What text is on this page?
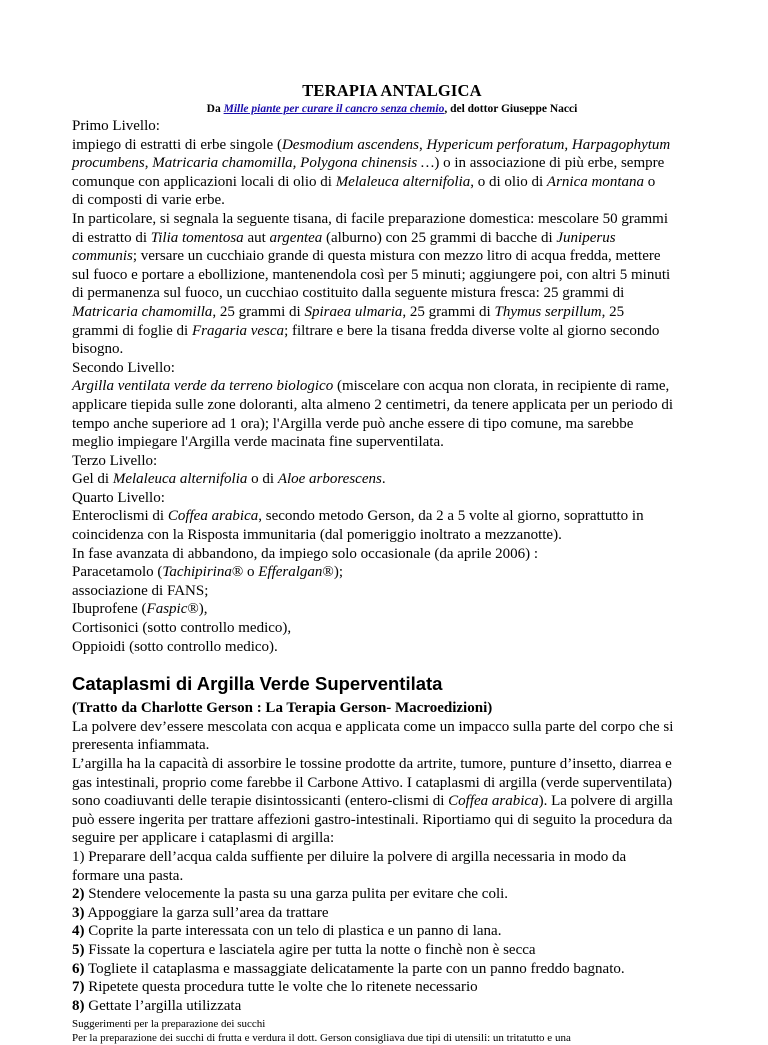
TERAPIA ANTALGICA

Da Mille piante per curare il cancro senza chemio, del dottor Giuseppe Nacci

Primo Livello:

impiego di estratti di erbe singole (Desmodium ascendens, Hypericum perforatum, Harpagophytum

procumbens, Matricaria chamomilla, Polygona chinensis …) o in associazione di più erbe, sempre

comunque con applicazioni locali di olio di Melaleuca alternifolia, o di olio di Arnica montana o

di composti di varie erbe.

In particolare, si segnala la seguente tisana, di facile preparazione domestica: mescolare 50 grammi

di estratto di Tilia tomentosa aut argentea (alburno) con 25 grammi di bacche di Juniperus

communis; versare un cucchiaio grande di questa mistura con mezzo litro di acqua fredda, mettere

sul fuoco e portare a ebollizione, mantenendola così per 5 minuti; aggiungere poi, con altri 5 minuti

di permanenza sul fuoco, un cucchiao costituito dalla seguente mistura fresca: 25 grammi di

Matricaria chamomilla, 25 grammi di Spiraea ulmaria, 25 grammi di Thymus serpillum, 25

grammi di foglie di Fragaria vesca; filtrare e bere la tisana fredda diverse volte al giorno secondo

bisogno.

Secondo Livello:

Argilla ventilata verde da terreno biologico (miscelare con acqua non clorata, in recipiente di rame,

applicare tiepida sulle zone doloranti, alta almeno 2 centimetri, da tenere applicata per un periodo di

tempo anche superiore ad 1 ora); l'Argilla verde può anche essere di tipo comune, ma sarebbe

meglio impiegare l'Argilla verde macinata fine superventilata.

Terzo Livello:

Gel di Melaleuca alternifolia o di Aloe arborescens.

Quarto Livello:

Enteroclismi di Coffea arabica, secondo metodo Gerson, da 2 a 5 volte al giorno, soprattutto in

coincidenza con la Risposta immunitaria (dal pomeriggio inoltrato a mezzanotte).

In fase avanzata di abbandono, da impiego solo occasionale (da aprile 2006) :

Paracetamolo (Tachipirina® o Efferalgan®);

associazione di FANS;

Ibuprofene (Faspic®),

Cortisonici (sotto controllo medico),

Oppioidi (sotto controllo medico).

Cataplasmi di Argilla Verde Superventilata

(Tratto da Charlotte Gerson : La Terapia Gerson- Macroedizioni)

La polvere dev’essere mescolata con acqua e applicata come un impacco sulla parte del corpo che si

preresenta infiammata.

L’argilla ha la capacità di assorbire le tossine prodotte da artrite, tumore, punture d’insetto, diarrea e

gas intestinali, proprio come farebbe il Carbone Attivo. I cataplasmi di argilla (verde superventilata)

sono coadiuvanti delle terapie disintossicanti (entero-clismi di Coffea arabica). La polvere di argilla

può essere ingerita per trattare affezioni gastro-intestinali. Riportiamo qui di seguito la procedura da

seguire per applicare i cataplasmi di argilla:

1) Preparare dell’acqua calda suffiente per diluire la polvere di argilla necessaria in modo da

formare una pasta.

2) Stendere velocemente la pasta su una garza pulita per evitare che coli.

3) Appoggiare la garza sull’area da trattare

4) Coprite la parte interessata con un telo di plastica e un panno di lana.

5) Fissate la copertura e lasciatela agire per tutta la notte o finchè non è secca

6) Togliete il cataplasma e massaggiate delicatamente la parte con un panno freddo bagnato.

7) Ripetete questa procedura tutte le volte che lo ritenete necessario

8) Gettate l’argilla utilizzata

Suggerimenti per la preparazione dei succhi

Per la preparazione dei succhi di frutta e verdura il dott. Gerson consigliava due tipi di utensili: un tritatutto e una
